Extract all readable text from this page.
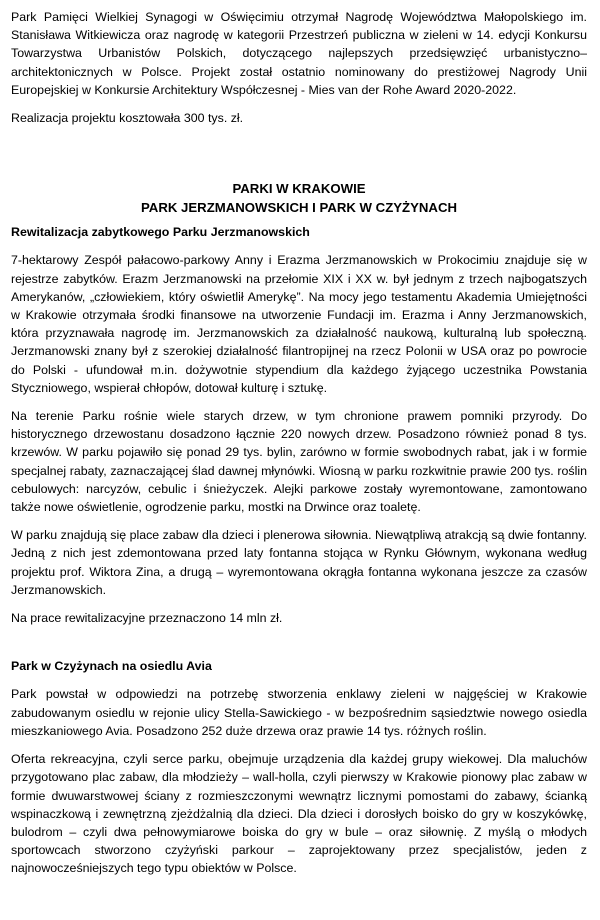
Park Pamięci Wielkiej Synagogi w Oświęcimiu otrzymał Nagrodę Województwa Małopolskiego im. Stanisława Witkiewicza oraz nagrodę w kategorii Przestrzeń publiczna w zieleni w 14. edycji Konkursu Towarzystwa Urbanistów Polskich, dotyczącego najlepszych przedsięwzięć urbanistyczno–architektonicznych w Polsce. Projekt został ostatnio nominowany do prestiżowej Nagrody Unii Europejskiej w Konkursie Architektury Współczesnej - Mies van der Rohe Award 2020-2022.

Realizacja projektu kosztowała 300 tys. zł.

PARKI W KRAKOWIE
PARK JERZMANOWSKICH I PARK W CZYŻYNACH
Rewitalizacja zabytkowego Parku Jerzmanowskich

7-hektarowy Zespół pałacowo-parkowy Anny i Erazma Jerzmanowskich w Prokocimiu znajduje się w rejestrze zabytków. Erazm Jerzmanowski na przełomie XIX i XX w. był jednym z trzech najbogatszych Amerykanów, „człowiekiem, który oświetlił Amerykę”. Na mocy jego testamentu Akademia Umiejętności w Krakowie otrzymała środki finansowe na utworzenie Fundacji im. Erazma i Anny Jerzmanowskich, która przyznawała nagrodę im. Jerzmanowskich za działalność naukową, kulturalną lub społeczną. Jerzmanowski znany był z szerokiej działalność filantropijnej na rzecz Polonii w USA oraz po powrocie do Polski - ufundował m.in. dożywotnie stypendium dla każdego żyjącego uczestnika Powstania Styczniowego, wspierał chłopów, dotował kulturę i sztukę.

Na terenie Parku rośnie wiele starych drzew, w tym chronione prawem pomniki przyrody. Do historycznego drzewostanu dosadzono łącznie 220 nowych drzew. Posadzono również ponad 8 tys. krzewów. W parku pojawiło się ponad 29 tys. bylin, zarówno w formie swobodnych rabat, jak i w formie specjalnej rabaty, zaznaczającej ślad dawnej młynówki. Wiosną w parku rozkwitnie prawie 200 tys. roślin cebulowych: narcyzów, cebulic i śnieżyczek. Alejki parkowe zostały wyremontowane, zamontowano także nowe oświetlenie, ogrodzenie parku, mostki na Drwince oraz toaletę.

W parku znajdują się place zabaw dla dzieci i plenerowa siłownia. Niewątpliwą atrakcją są dwie fontanny. Jedną z nich jest zdemontowana przed laty fontanna stojąca w Rynku Głównym, wykonana według projektu prof. Wiktora Zina, a drugą – wyremontowana okrągła fontanna wykonana jeszcze za czasów Jerzmanowskich.

Na prace rewitalizacyjne przeznaczono 14 mln zł.

Park w Czyżynach na osiedlu Avia

Park powstał w odpowiedzi na potrzebę stworzenia enklawy zieleni w najgęściej w Krakowie zabudowanym osiedlu w rejonie ulicy Stella-Sawickiego - w bezpośrednim sąsiedztwie nowego osiedla mieszkaniowego Avia. Posadzono 252 duże drzewa oraz prawie 14 tys. różnych roślin.

Oferta rekreacyjna, czyli serce parku, obejmuje urządzenia dla każdej grupy wiekowej. Dla maluchów przygotowano plac zabaw, dla młodzieży – wall-holla, czyli pierwszy w Krakowie pionowy plac zabaw w formie dwuwarstwowej ściany z rozmieszczonymi wewnątrz licznymi pomostami do zabawy, ścianką wspinaczkową i zewnętrzną zjeżdżalnią dla dzieci. Dla dzieci i dorosłych boisko do gry w koszykówkę, bulodrom – czyli dwa pełnowymiarowe boiska do gry w bule – oraz siłownię. Z myślą o młodych sportowcach stworzono czyżyński parkour – zaprojektowany przez specjalistów, jeden z najnowocześniejszych tego typu obiektów w Polsce.
